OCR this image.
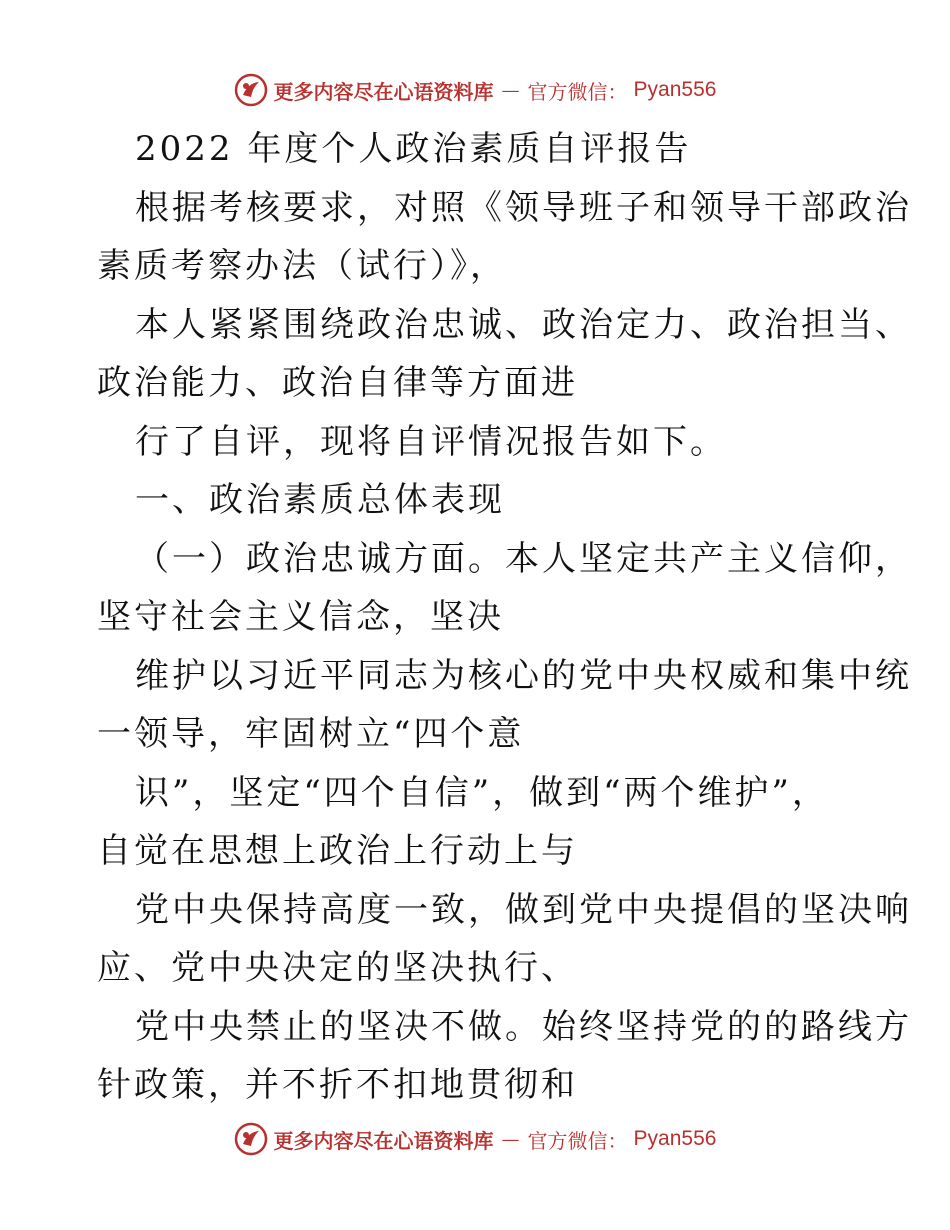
更多内容尽在心语资料库 — 官方微信： Pyan556
2022 年度个人政治素质自评报告
根据考核要求，对照《领导班子和领导干部政治
素质考察办法（试行）》，
本人紧紧围绕政治忠诚、政治定力、政治担当、
政治能力、政治自律等方面进
行了自评，现将自评情况报告如下。
一、政治素质总体表现
（一）政治忠诚方面。本人坚定共产主义信仰，
坚守社会主义信念，坚决
维护以习近平同志为核心的党中央权威和集中统
一领导，牢固树立“四个意
识”，坚定“四个自信”，做到“两个维护”，
自觉在思想上政治上行动上与
党中央保持高度一致，做到党中央提倡的坚决响
应、党中央决定的坚决执行、
党中央禁止的坚决不做。始终坚持党的的路线方
针政策，并不折不扣地贯彻和
更多内容尽在心语资料库 — 官方微信： Pyan556
